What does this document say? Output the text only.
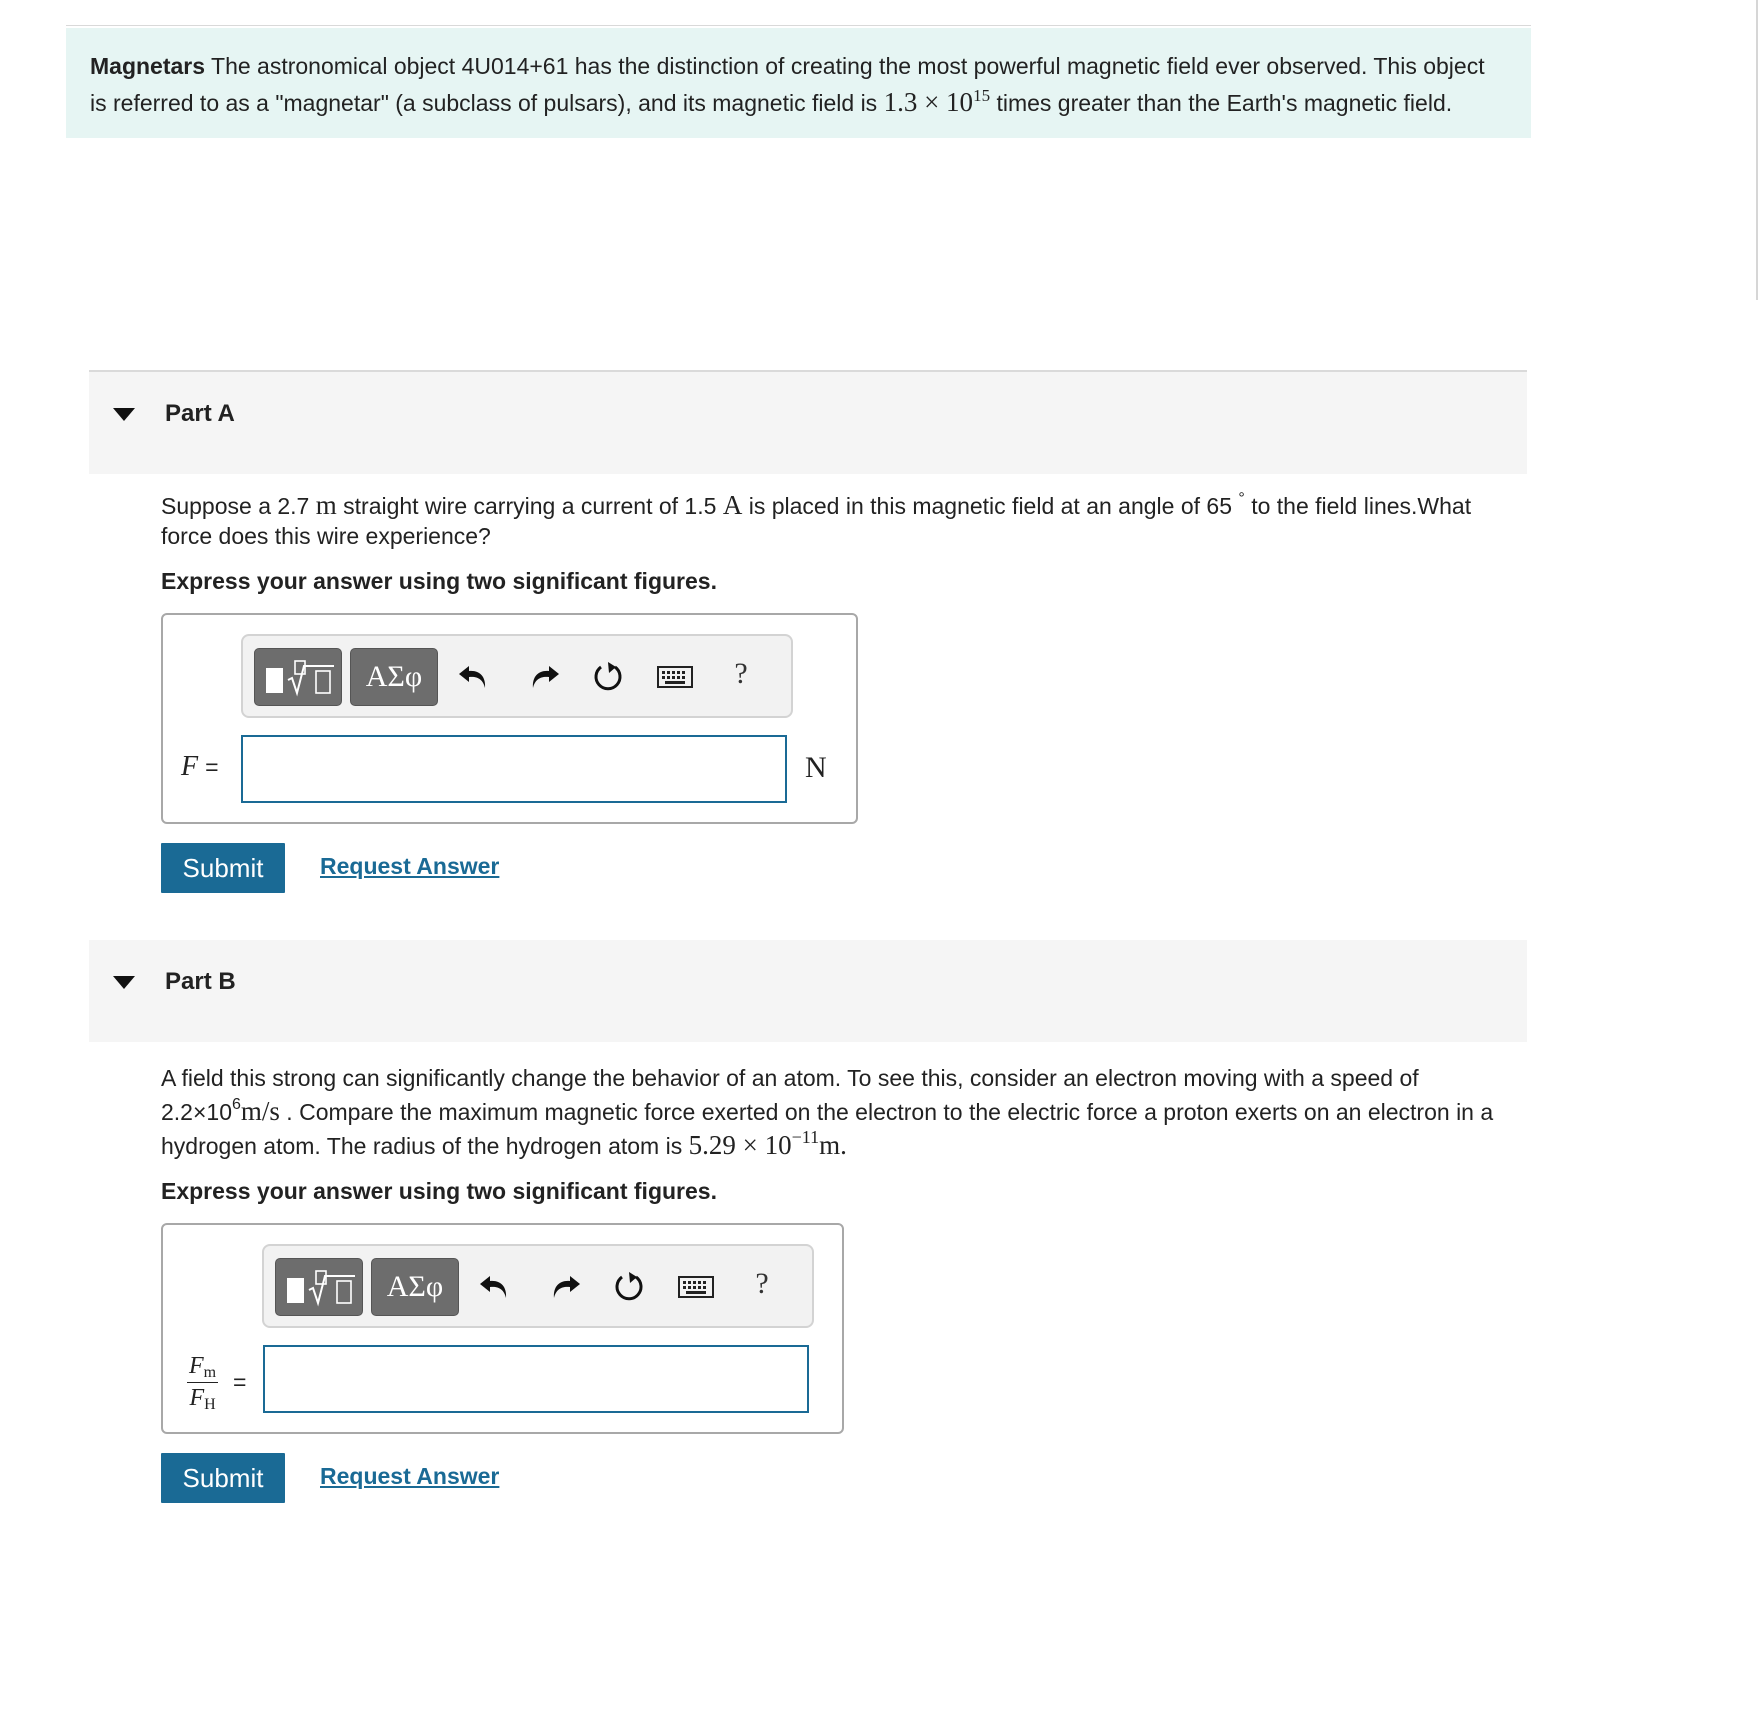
Magnetars The astronomical object 4U014+61 has the distinction of creating the most powerful magnetic field ever observed. This object is referred to as a "magnetar" (a subclass of pulsars), and its magnetic field is $1.3 \times 10^{15}$ times greater than the Earth's magnetic field.
Part A
Suppose a 2.7 m straight wire carrying a current of 1.5 A is placed in this magnetic field at an angle of 65 ° to the field lines.What force does this wire experience?
Express your answer using two significant figures.
ΑΣφ	?
F =	N
Submit	Request Answer
Part B
A field this strong can significantly change the behavior of an atom. To see this, consider an electron moving with a speed of $2.2\times 10^6m/s$ . Compare the maximum magnetic force exerted on the electron to the electric force a proton exerts on an electron in a hydrogen atom. The radius of the hydrogen atom is $5.29 \times 10^{-11}m$.
Express your answer using two significant figures.
ΑΣφ	?
$\frac{F_m}{F_H}$ =
Submit	Request Answer
